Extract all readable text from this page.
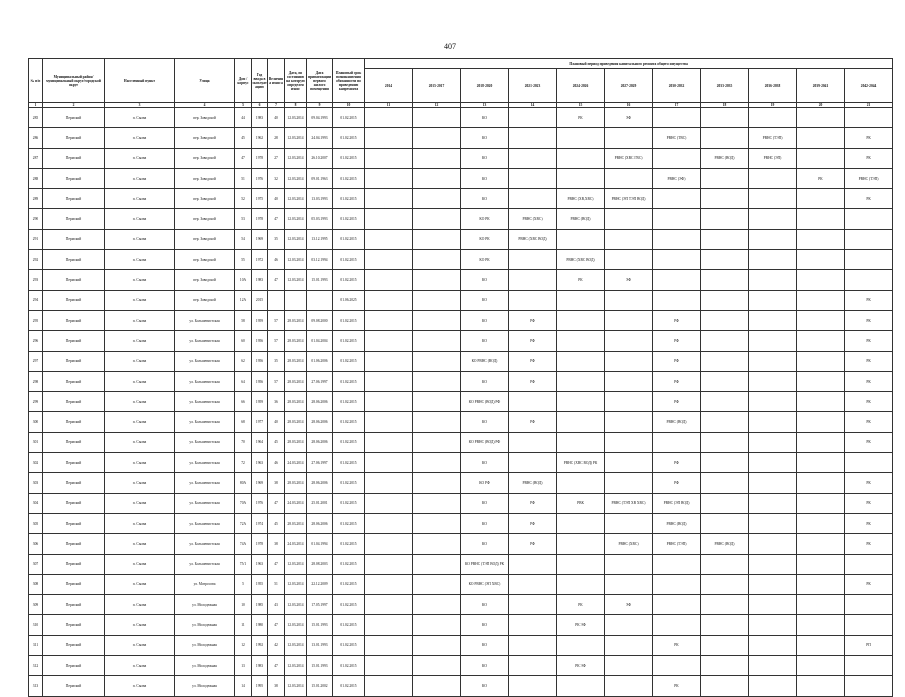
407
№ п/п	Муниципальный район/ муниципальный округ/городской округ	Населенный пункт	Улица	Дом / корпус	Год ввода в эксплуатацию	Величина износа	Дата, по состоянию на которую определен износ	Дата приватизации первого жилого помещения	Плановый срок возникновения обязанности по проведению капремонта	Плановый период проведения капитального ремонта общего имущества										
										2014	2015-2017	2018-2020	2021-2023	2024-2026	2027-2029	2030-2032	2033-2035	2036-2038	2039-2041	2042-2044
1	2	3	4	5	6	7	8	9	10	11	12	13	14	15	16	17	18	19	20	21
285	Пермский	п. Сылва	пер. Заводской	44	1983	40	12.03.2014	09.04.1993	01.02.2015			КО		РК	ЭФ					
286	Пермский	п. Сылва	пер. Заводской	45	1962	28	12.03.2014	24.04.1993	01.02.2015			КО				РВНС (ТВС)		РВНС (ТЭП)		РК
287	Пермский	п. Сылва	пер. Заводской	47	1978	27	12.03.2014	26.10.2007	01.02.2015			КО			РВНС (ХВС ГВС)		РВНС (ВОД)	РВНС (ЭП)		РК
288	Пермский	п. Сылва	пер. Заводской	51	1976	32	12.03.2014	09.01.1963	01.02.2015			КО				РВНС (ЭФ)			РК	РВНС (ТЭП)
289	Пермский	п. Сылва	пер. Заводской	52	1975	40	12.03.2014	13.03.1993	01.02.2015			КО		РВНС (ХВ,ХВС)	РВНС (ЭП ТЭП ВОД)					РК
290	Пермский	п. Сылва	пер. Заводской	53	1978	47	12.03.2014	05.03.1993	01.02.2015			КО РК	РВНС (ХВС)	РВНС (ВОД)						
291	Пермский	п. Сылва	пер. Заводской	54	1969	35	12.03.2014	13.12.1995	01.02.2015			КО РК	РВНС (ХВС ВОД)							
292	Пермский	п. Сылва	пер. Заводской	55	1972	46	12.03.2014	03.12.1994	01.02.2015			КО РК		РВНС (ХВС ВОД)						
293	Пермский	п. Сылва	пер. Заводской	10А	1983	47	12.03.2014	15.01.1993	01.02.2015			КО		РК	ЭФ					
294	Пермский	п. Сылва	пер. Заводской	12А	2015				01.06.2025			КО								РК
295	Пермский	п. Сылва	ул. Большевистская	58	1959	57	28.03.2014	09.08.2000	01.02.2015			КО	РФ			РФ				РК
296	Пермский	п. Сылва	ул. Большевистская	60	1956	57	28.03.2014	01.04.2004	01.02.2015			КО	РФ			РФ				РК
297	Пермский	п. Сылва	ул. Большевистская	62	1956	35	28.03.2014	01.06.2006	01.02.2015			КО РВНС (ВОД)	РФ			РФ				РК
298	Пермский	п. Сылва	ул. Большевистская	64	1956	57	28.03.2014	27.06.1997	01.02.2015			КО	РФ			РФ				РК
299	Пермский	п. Сылва	ул. Большевистская	66	1959	36	28.03.2014	28.06.2006	01.02.2015			КО РВНС (ВОД) РФ				РФ				РК
300	Пермский	п. Сылва	ул. Большевистская	68	1977	40	28.03.2014	28.06.2006	01.02.2015			КО	РФ			РВНС (ВОД)				РК
301	Пермский	п. Сылва	ул. Большевистская	70	1964	45	28.03.2014	28.06.2006	01.02.2015			КО РВНС (ВОД) РФ								РК
302	Пермский	п. Сылва	ул. Большевистская	72	1963	46	24.03.2014	27.06.1997	01.02.2015			КО		РВНС (ХВС ВОД) РК		РФ				
303	Пермский	п. Сылва	ул. Большевистская	80А	1969	38	28.03.2014	28.06.2006	01.02.2015			КО РФ	РВНС (ВОД)			РФ				РК
304	Пермский	п. Сылва	ул. Большевистская	70А	1976	47	24.03.2014	25.01.2001	01.02.2015			КО	РФ	РВК	РВНС (ТЭП ХВ ХВС)	РВНС (ЭП ВОД)				РК
305	Пермский	п. Сылва	ул. Большевистская	72А	1974	45	28.03.2014	28.06.2006	01.02.2015			КО	РФ			РВНС (ВОД)				РК
306	Пермский	п. Сылва	ул. Большевистская	74А	1978	38	24.03.2014	01.04.1994	01.02.2015			КО	РФ		РВНС (ХВС)	РВНС (ТЭП)	РВНС (ВОД)			РК
307	Пермский	п. Сылва	ул. Большевистская	75/1	1963	47	12.03.2014	28.08.2003	01.02.2015			КО РВНС (ТЭП ВОД) РК								
308	Пермский	п. Сылва	ул. Матросова	5	1955	51	12.03.2014	22.12.2009	01.02.2015			КО РВНС (ЭП ХВС)								РК
309	Пермский	п. Сылва	ул. Молодежная	10	1985	43	12.03.2014	17.05.1997	01.02.2015			КО		РК	ЭФ					
310	Пермский	п. Сылва	ул. Молодежная	11	1980	47	12.03.2014	15.01.1993	01.02.2015			КО		РК ЭФ						
311	Пермский	п. Сылва	ул. Молодежная	12	1992	42	12.03.2014	13.01.1993	01.02.2015			КО				РК				РП
312	Пермский	п. Сылва	ул. Молодежная	13	1983	47	12.03.2014	15.01.1993	01.02.2015			КО		РК ЭФ						
313	Пермский	п. Сылва	ул. Молодежная	14	1995	38	12.03.2014	15.01.2002	01.02.2015			КО				РК				
